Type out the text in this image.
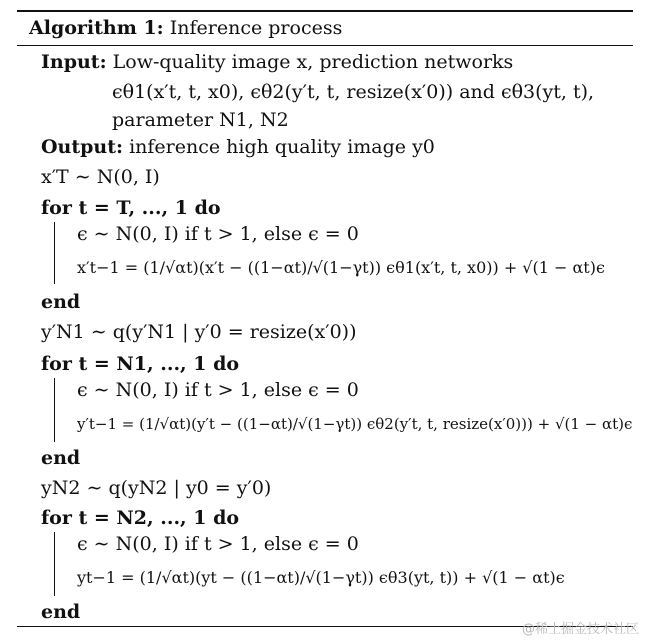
Algorithm 1: Inference process
Input: Low-quality image x, prediction networks
ϵθ1(x′t, t, x0), ϵθ2(y′t, t, resize(x′0)) and ϵθ3(yt, t),
parameter N1, N2
Output: inference high quality image y0
x′T ∼ N(0, I)
for t = T, ..., 1 do
ϵ ∼ N(0, I) if t > 1, else ϵ = 0
x′t−1 = (1/√αt)(x′t − ((1−αt)/√(1−γt)) ϵθ1(x′t, t, x0)) + √(1 − αt)ϵ
end
y′N1 ∼ q(y′N1 | y′0 = resize(x′0))
for t = N1, ..., 1 do
ϵ ∼ N(0, I) if t > 1, else ϵ = 0
y′t−1 = (1/√αt)(y′t − ((1−αt)/√(1−γt)) ϵθ2(y′t, t, resize(x′0))) + √(1 − αt)ϵ
end
yN2 ∼ q(yN2 | y0 = y′0)
for t = N2, ..., 1 do
ϵ ∼ N(0, I) if t > 1, else ϵ = 0
yt−1 = (1/√αt)(yt − ((1−αt)/√(1−γt)) ϵθ3(yt, t)) + √(1 − αt)ϵ
end
@稀土掘金技术社区
